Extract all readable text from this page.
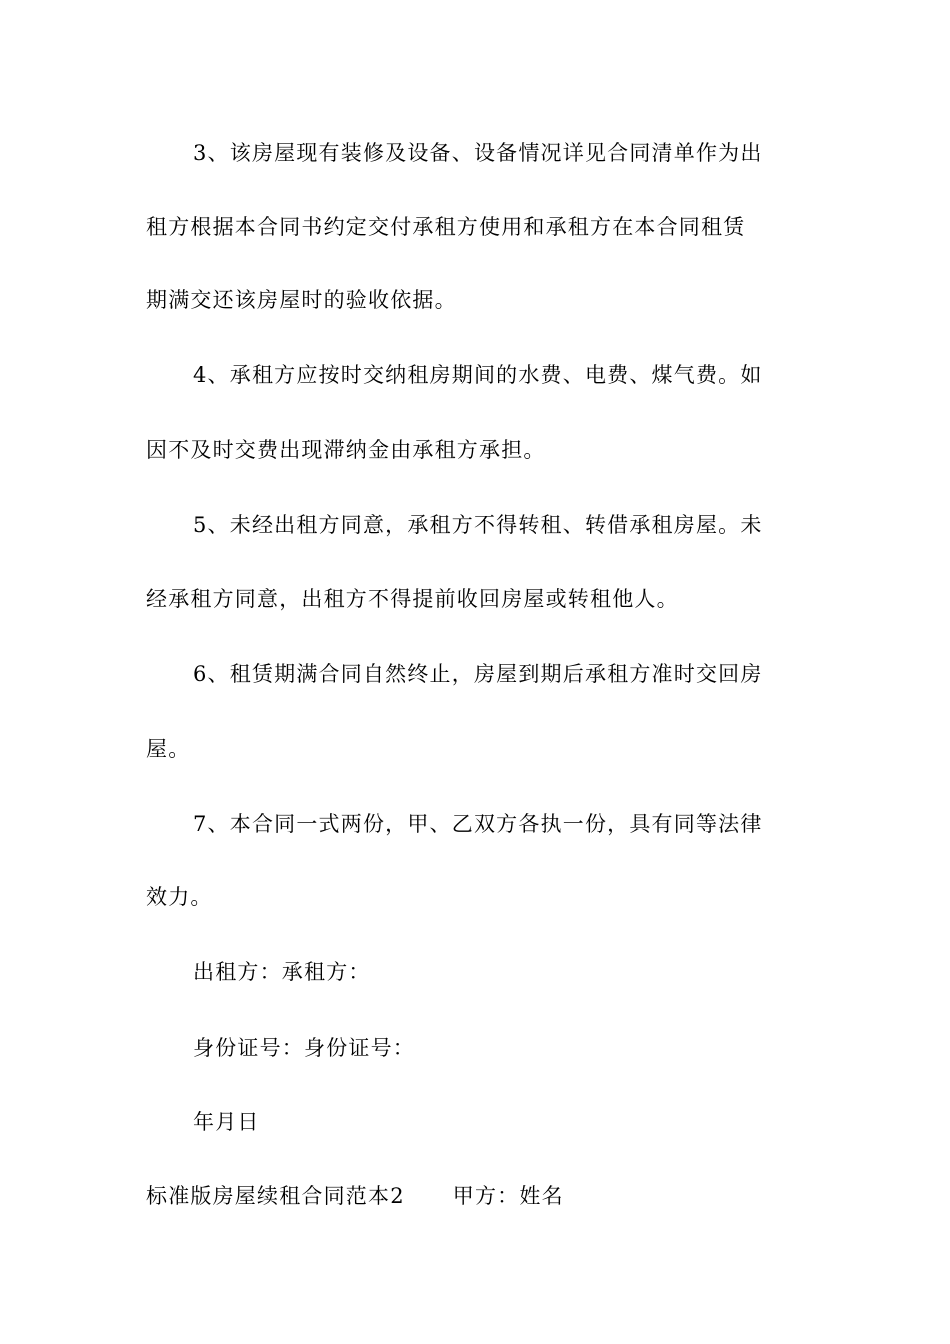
3、该房屋现有装修及设备、设备情况详见合同清单作为出
租方根据本合同书约定交付承租方使用和承租方在本合同租赁
期满交还该房屋时的验收依据。
4、承租方应按时交纳租房期间的水费、电费、煤气费。如
因不及时交费出现滞纳金由承租方承担。
5、未经出租方同意，承租方不得转租、转借承租房屋。未
经承租方同意，出租方不得提前收回房屋或转租他人。
6、租赁期满合同自然终止，房屋到期后承租方准时交回房
屋。
7、本合同一式两份，甲、乙双方各执一份，具有同等法律
效力。
出租方：承租方：
身份证号：身份证号：
年月日
标准版房屋续租合同范本2 甲方：姓名
